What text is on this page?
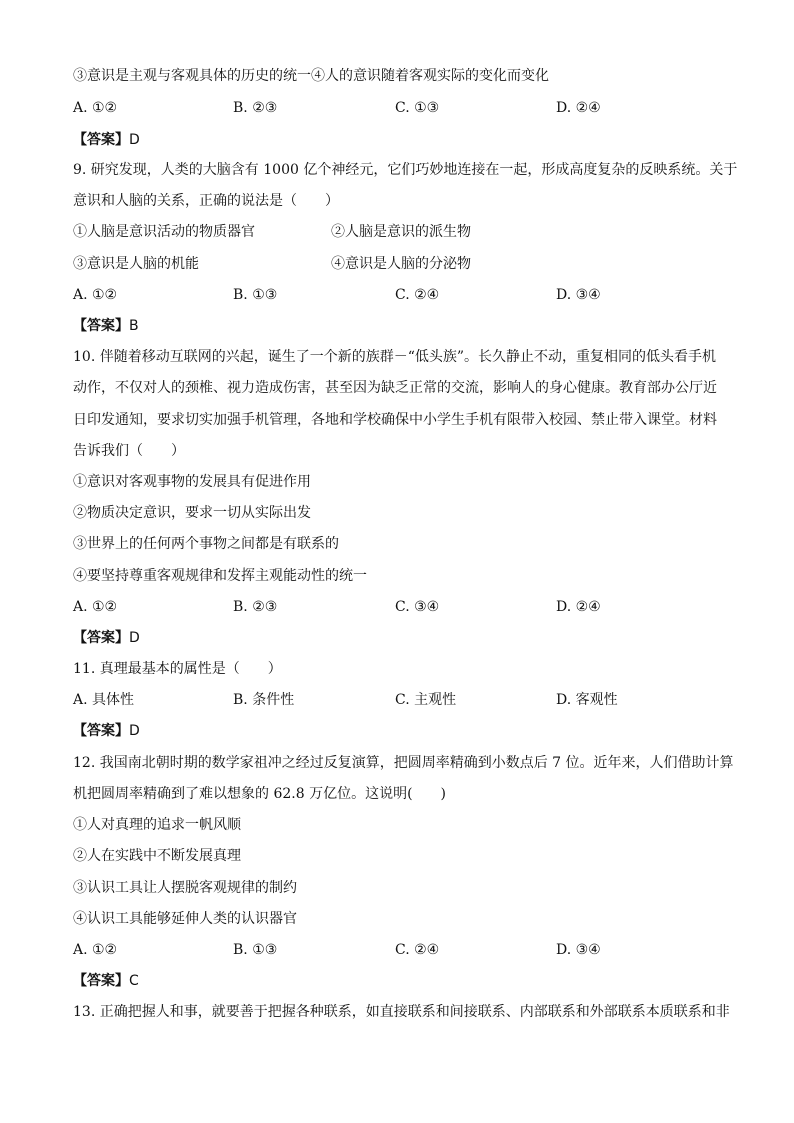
③意识是主观与客观具体的历史的统一④人的意识随着客观实际的变化而变化
A. ①②	B. ②③	C. ①③	D. ②④
【答案】D
9. 研究发现，人类的大脑含有 1000 亿个神经元，它们巧妙地连接在一起，形成高度复杂的反映系统。关于
意识和人脑的关系，正确的说法是（　　）
①人脑是意识活动的物质器官	②人脑是意识的派生物
③意识是人脑的机能	④意识是人脑的分泌物
A. ①②	B. ①③	C. ②④	D. ③④
【答案】B
10. 伴随着移动互联网的兴起，诞生了一个新的族群－“低头族”。长久静止不动，重复相同的低头看手机
动作，不仅对人的颈椎、视力造成伤害，甚至因为缺乏正常的交流，影响人的身心健康。教育部办公厅近
日印发通知，要求切实加强手机管理，各地和学校确保中小学生手机有限带入校园、禁止带入课堂。材料
告诉我们（　　）
①意识对客观事物的发展具有促进作用
②物质决定意识，要求一切从实际出发
③世界上的任何两个事物之间都是有联系的
④要坚持尊重客观规律和发挥主观能动性的统一
A. ①②	B. ②③	C. ③④	D. ②④
【答案】D
11. 真理最基本的属性是（　　）
A. 具体性	B. 条件性	C. 主观性	D. 客观性
【答案】D
12. 我国南北朝时期的数学家祖冲之经过反复演算，把圆周率精确到小数点后 7 位。近年来，人们借助计算
机把圆周率精确到了难以想象的 62.8 万亿位。这说明(　　)
①人对真理的追求一帆风顺
②人在实践中不断发展真理
③认识工具让人摆脱客观规律的制约
④认识工具能够延伸人类的认识器官
A. ①②	B. ①③	C. ②④	D. ③④
【答案】C
13. 正确把握人和事，就要善于把握各种联系，如直接联系和间接联系、内部联系和外部联系本质联系和非
